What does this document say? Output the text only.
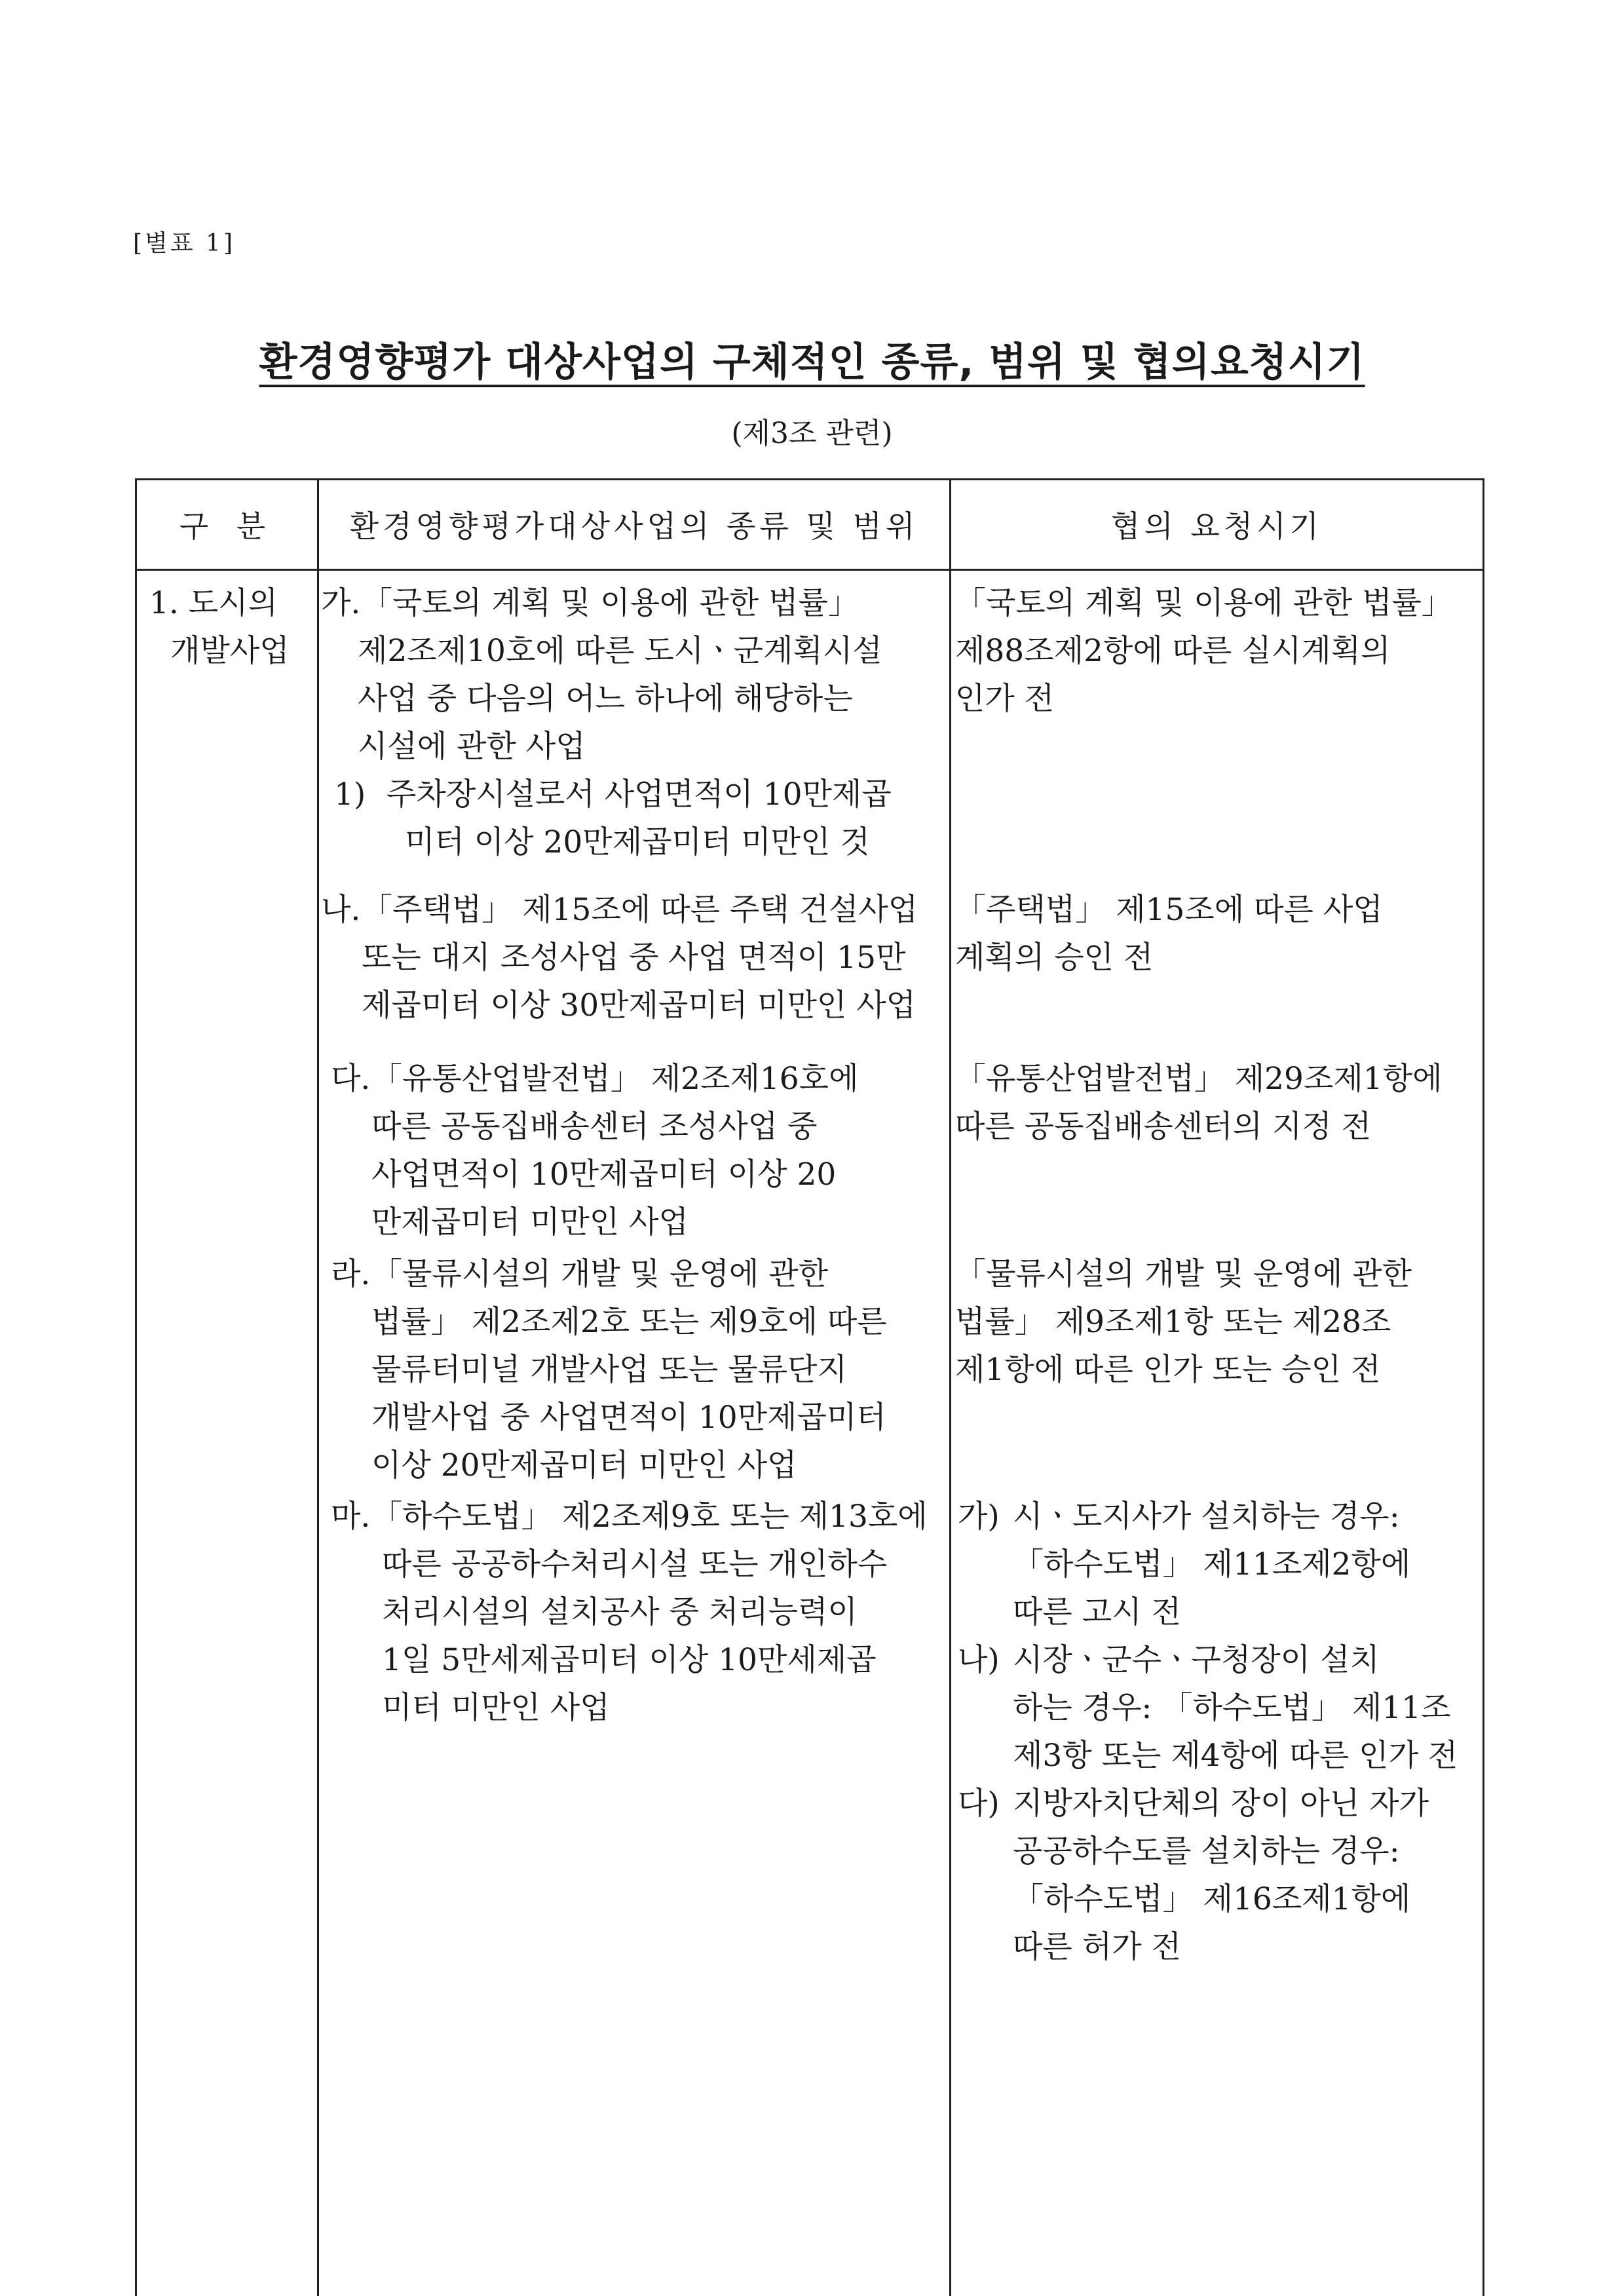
[별표 1]
환경영향평가 대상사업의 구체적인 종류, 범위 및 협의요청시기
(제3조 관련)
구 분	환경영향평가대상사업의 종류 및 범위	협의 요청시기
1. 도시의
개발사업
가. 「국토의 계획 및 이용에 관한 법률」
제2조제10호에 따른 도시ㆍ군계획시설
사업 중 다음의 어느 하나에 해당하는
시설에 관한 사업
1) 주차장시설로서 사업면적이 10만제곱
미터 이상 20만제곱미터 미만인 것
나. 「주택법」 제15조에 따른 주택 건설사업
또는 대지 조성사업 중 사업 면적이 15만
제곱미터 이상 30만제곱미터 미만인 사업
다. 「유통산업발전법」 제2조제16호에
따른 공동집배송센터 조성사업 중
사업면적이 10만제곱미터 이상 20
만제곱미터 미만인 사업
라. 「물류시설의 개발 및 운영에 관한
법률」 제2조제2호 또는 제9호에 따른
물류터미널 개발사업 또는 물류단지
개발사업 중 사업면적이 10만제곱미터
이상 20만제곱미터 미만인 사업
마. 「하수도법」 제2조제9호 또는 제13호에
따른 공공하수처리시설 또는 개인하수
처리시설의 설치공사 중 처리능력이
1일 5만세제곱미터 이상 10만세제곱
미터 미만인 사업
「국토의 계획 및 이용에 관한 법률」
제88조제2항에 따른 실시계획의
인가 전
「주택법」 제15조에 따른 사업
계획의 승인 전
「유통산업발전법」 제29조제1항에
따른 공동집배송센터의 지정 전
「물류시설의 개발 및 운영에 관한
법률」 제9조제1항 또는 제28조
제1항에 따른 인가 또는 승인 전
가) 시ㆍ도지사가 설치하는 경우:
「하수도법」 제11조제2항에
따른 고시 전
나) 시장ㆍ군수ㆍ구청장이 설치
하는 경우: 「하수도법」 제11조
제3항 또는 제4항에 따른 인가 전
다) 지방자치단체의 장이 아닌 자가
공공하수도를 설치하는 경우:
「하수도법」 제16조제1항에
따른 허가 전
